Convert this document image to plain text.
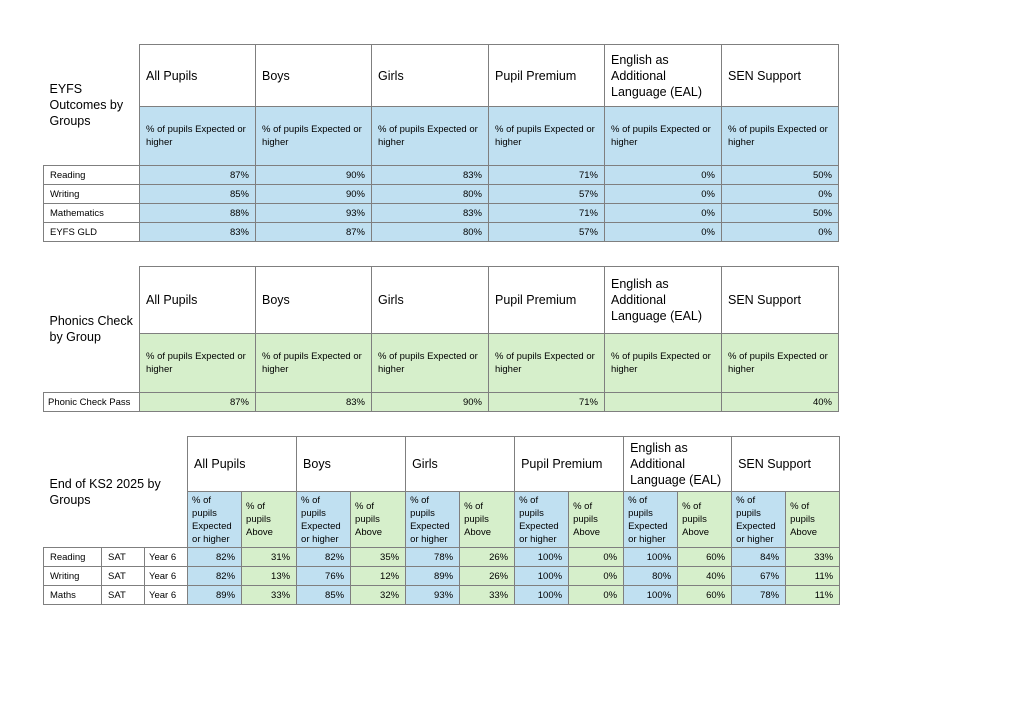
EYFS Outcomes by Groups	All Pupils	Boys	Girls	Pupil Premium	English as Additional Language (EAL)	SEN Support
	% of pupils Expected or higher	% of pupils Expected or higher	% of pupils Expected or higher	% of pupils Expected or higher	% of pupils Expected or higher	% of pupils Expected or higher
Reading	87%	90%	83%	71%	0%	50%
Writing	85%	90%	80%	57%	0%	0%
Mathematics	88%	93%	83%	71%	0%	50%
EYFS GLD	83%	87%	80%	57%	0%	0%
Phonics Check by Group	All Pupils	Boys	Girls	Pupil Premium	English as Additional Language (EAL)	SEN Support
	% of pupils Expected or higher	% of pupils Expected or higher	% of pupils Expected or higher	% of pupils Expected or higher	% of pupils Expected or higher	% of pupils Expected or higher
Phonic Check Pass	87%	83%	90%	71%		40%
End of KS2 2025 by Groups			All Pupils		Boys		Girls		Pupil Premium		English as Additional Language (EAL)		SEN Support	
			% of pupils Expected or higher	% of pupils Above	% of pupils Expected or higher	% of pupils Above	% of pupils Expected or higher	% of pupils Above	% of pupils Expected or higher	% of pupils Above	% of pupils Expected or higher	% of pupils Above	% of pupils Expected or higher	% of pupils Above
Reading	SAT	Year 6	82%	31%	82%	35%	78%	26%	100%	0%	100%	60%	84%	33%
Writing	SAT	Year 6	82%	13%	76%	12%	89%	26%	100%	0%	80%	40%	67%	11%
Maths	SAT	Year 6	89%	33%	85%	32%	93%	33%	100%	0%	100%	60%	78%	11%
